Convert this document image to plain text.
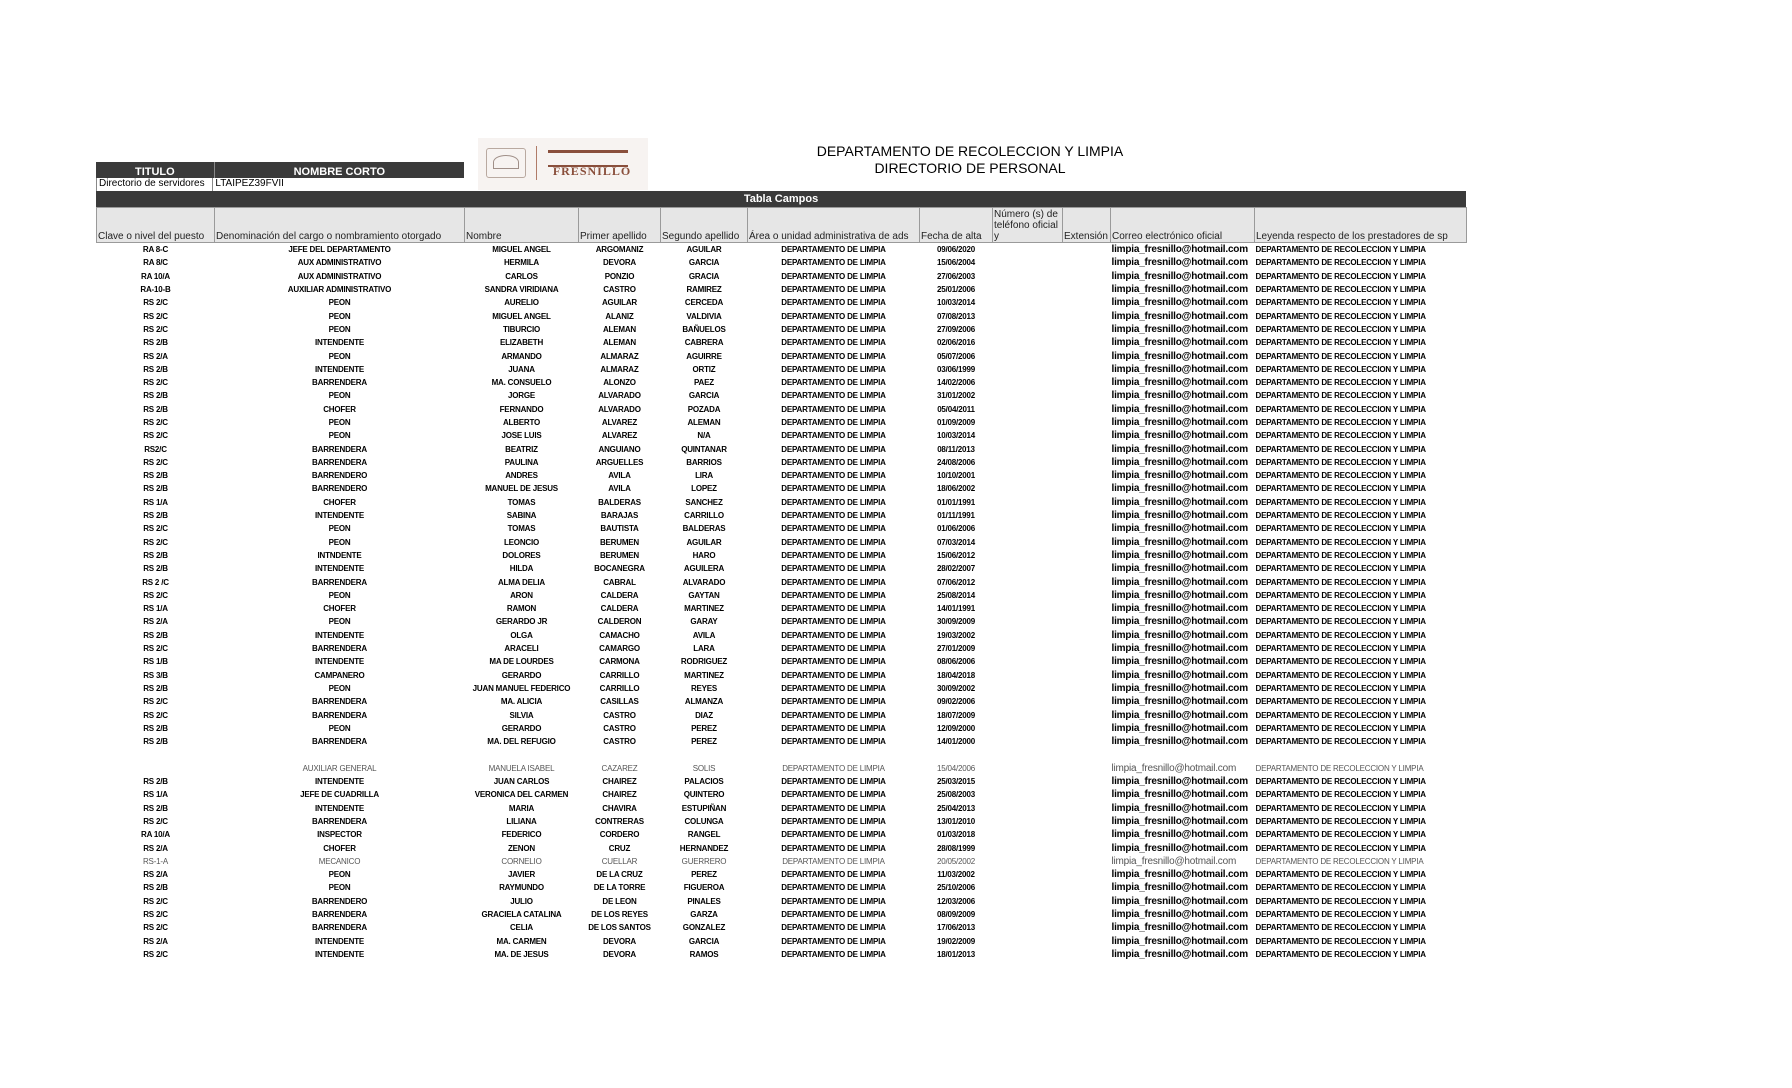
TITULO	NOMBRE CORTO
Directorio de servidores	LTAIPEZ39FVII
FRESNILLO
DEPARTAMENTO DE RECOLECCION Y LIMPIA
DIRECTORIO DE PERSONAL
Tabla Campos
Clave o nivel del puesto	Denominación del cargo o nombramiento otorgado	Nombre	Primer apellido	Segundo apellido	Área o unidad administrativa de ads	Fecha de alta	Número (s) de teléfono oficial y	Extensión	Correo electrónico oficial	Leyenda respecto de los prestadores de sp
RA 8-C	JEFE DEL DEPARTAMENTO	MIGUEL ANGEL	ARGOMANIZ	AGUILAR	DEPARTAMENTO DE LIMPIA	09/06/2020			limpia_fresnillo@hotmail.com	DEPARTAMENTO DE RECOLECCION Y LIMPIA
RA 8/C	AUX ADMINISTRATIVO	HERMILA	DEVORA	GARCIA	DEPARTAMENTO DE LIMPIA	15/06/2004			limpia_fresnillo@hotmail.com	DEPARTAMENTO DE RECOLECCION Y LIMPIA
RA 10/A	AUX ADMINISTRATIVO	CARLOS	PONZIO	GRACIA	DEPARTAMENTO DE LIMPIA	27/06/2003			limpia_fresnillo@hotmail.com	DEPARTAMENTO DE RECOLECCION Y LIMPIA
RA-10-B	AUXILIAR ADMINISTRATIVO	SANDRA VIRIDIANA	CASTRO	RAMIREZ	DEPARTAMENTO DE LIMPIA	25/01/2006			limpia_fresnillo@hotmail.com	DEPARTAMENTO DE RECOLECCION Y LIMPIA
RS 2/C	PEON	AURELIO	AGUILAR	CERCEDA	DEPARTAMENTO DE LIMPIA	10/03/2014			limpia_fresnillo@hotmail.com	DEPARTAMENTO DE RECOLECCION Y LIMPIA
RS 2/C	PEON	MIGUEL ANGEL	ALANIZ	VALDIVIA	DEPARTAMENTO DE LIMPIA	07/08/2013			limpia_fresnillo@hotmail.com	DEPARTAMENTO DE RECOLECCION Y LIMPIA
RS 2/C	PEON	TIBURCIO	ALEMAN	BAÑUELOS	DEPARTAMENTO DE LIMPIA	27/09/2006			limpia_fresnillo@hotmail.com	DEPARTAMENTO DE RECOLECCION Y LIMPIA
RS 2/B	INTENDENTE	ELIZABETH	ALEMAN	CABRERA	DEPARTAMENTO DE LIMPIA	02/06/2016			limpia_fresnillo@hotmail.com	DEPARTAMENTO DE RECOLECCION Y LIMPIA
RS 2/A	PEON	ARMANDO	ALMARAZ	AGUIRRE	DEPARTAMENTO DE LIMPIA	05/07/2006			limpia_fresnillo@hotmail.com	DEPARTAMENTO DE RECOLECCION Y LIMPIA
RS 2/B	INTENDENTE	JUANA	ALMARAZ	ORTIZ	DEPARTAMENTO DE LIMPIA	03/06/1999			limpia_fresnillo@hotmail.com	DEPARTAMENTO DE RECOLECCION Y LIMPIA
RS 2/C	BARRENDERA	MA. CONSUELO	ALONZO	PAEZ	DEPARTAMENTO DE LIMPIA	14/02/2006			limpia_fresnillo@hotmail.com	DEPARTAMENTO DE RECOLECCION Y LIMPIA
RS 2/B	PEON	JORGE	ALVARADO	GARCIA	DEPARTAMENTO DE LIMPIA	31/01/2002			limpia_fresnillo@hotmail.com	DEPARTAMENTO DE RECOLECCION Y LIMPIA
RS 2/B	CHOFER	FERNANDO	ALVARADO	POZADA	DEPARTAMENTO DE LIMPIA	05/04/2011			limpia_fresnillo@hotmail.com	DEPARTAMENTO DE RECOLECCION Y LIMPIA
RS 2/C	PEON	ALBERTO	ALVAREZ	ALEMAN	DEPARTAMENTO DE LIMPIA	01/09/2009			limpia_fresnillo@hotmail.com	DEPARTAMENTO DE RECOLECCION Y LIMPIA
RS 2/C	PEON	JOSE LUIS	ALVAREZ	N/A	DEPARTAMENTO DE LIMPIA	10/03/2014			limpia_fresnillo@hotmail.com	DEPARTAMENTO DE RECOLECCION Y LIMPIA
RS2/C	BARRENDERA	BEATRIZ	ANGUIANO	QUINTANAR	DEPARTAMENTO DE LIMPIA	08/11/2013			limpia_fresnillo@hotmail.com	DEPARTAMENTO DE RECOLECCION Y LIMPIA
RS 2/C	BARRENDERA	PAULINA	ARGUELLES	BARRIOS	DEPARTAMENTO DE LIMPIA	24/08/2006			limpia_fresnillo@hotmail.com	DEPARTAMENTO DE RECOLECCION Y LIMPIA
RS 2/B	BARRENDERO	ANDRES	AVILA	LIRA	DEPARTAMENTO DE LIMPIA	10/10/2001			limpia_fresnillo@hotmail.com	DEPARTAMENTO DE RECOLECCION Y LIMPIA
RS 2/B	BARRENDERO	MANUEL DE JESUS	AVILA	LOPEZ	DEPARTAMENTO DE LIMPIA	18/06/2002			limpia_fresnillo@hotmail.com	DEPARTAMENTO DE RECOLECCION Y LIMPIA
RS 1/A	CHOFER	TOMAS	BALDERAS	SANCHEZ	DEPARTAMENTO DE LIMPIA	01/01/1991			limpia_fresnillo@hotmail.com	DEPARTAMENTO DE RECOLECCION Y LIMPIA
RS 2/B	INTENDENTE	SABINA	BARAJAS	CARRILLO	DEPARTAMENTO DE LIMPIA	01/11/1991			limpia_fresnillo@hotmail.com	DEPARTAMENTO DE RECOLECCION Y LIMPIA
RS 2/C	PEON	TOMAS	BAUTISTA	BALDERAS	DEPARTAMENTO DE LIMPIA	01/06/2006			limpia_fresnillo@hotmail.com	DEPARTAMENTO DE RECOLECCION Y LIMPIA
RS 2/C	PEON	LEONCIO	BERUMEN	AGUILAR	DEPARTAMENTO DE LIMPIA	07/03/2014			limpia_fresnillo@hotmail.com	DEPARTAMENTO DE RECOLECCION Y LIMPIA
RS 2/B	INTNDENTE	DOLORES	BERUMEN	HARO	DEPARTAMENTO DE LIMPIA	15/06/2012			limpia_fresnillo@hotmail.com	DEPARTAMENTO DE RECOLECCION Y LIMPIA
RS 2/B	INTENDENTE	HILDA	BOCANEGRA	AGUILERA	DEPARTAMENTO DE LIMPIA	28/02/2007			limpia_fresnillo@hotmail.com	DEPARTAMENTO DE RECOLECCION Y LIMPIA
RS 2 /C	BARRENDERA	ALMA DELIA	CABRAL	ALVARADO	DEPARTAMENTO DE LIMPIA	07/06/2012			limpia_fresnillo@hotmail.com	DEPARTAMENTO DE RECOLECCION Y LIMPIA
RS 2/C	PEON	ARON	CALDERA	GAYTAN	DEPARTAMENTO DE LIMPIA	25/08/2014			limpia_fresnillo@hotmail.com	DEPARTAMENTO DE RECOLECCION Y LIMPIA
RS 1/A	CHOFER	RAMON	CALDERA	MARTINEZ	DEPARTAMENTO DE LIMPIA	14/01/1991			limpia_fresnillo@hotmail.com	DEPARTAMENTO DE RECOLECCION Y LIMPIA
RS 2/A	PEON	GERARDO JR	CALDERON	GARAY	DEPARTAMENTO DE LIMPIA	30/09/2009			limpia_fresnillo@hotmail.com	DEPARTAMENTO DE RECOLECCION Y LIMPIA
RS 2/B	INTENDENTE	OLGA	CAMACHO	AVILA	DEPARTAMENTO DE LIMPIA	19/03/2002			limpia_fresnillo@hotmail.com	DEPARTAMENTO DE RECOLECCION Y LIMPIA
RS 2/C	BARRENDERA	ARACELI	CAMARGO	LARA	DEPARTAMENTO DE LIMPIA	27/01/2009			limpia_fresnillo@hotmail.com	DEPARTAMENTO DE RECOLECCION Y LIMPIA
RS 1/B	INTENDENTE	MA DE LOURDES	CARMONA	RODRIGUEZ	DEPARTAMENTO DE LIMPIA	08/06/2006			limpia_fresnillo@hotmail.com	DEPARTAMENTO DE RECOLECCION Y LIMPIA
RS 3/B	CAMPANERO	GERARDO	CARRILLO	MARTINEZ	DEPARTAMENTO DE LIMPIA	18/04/2018			limpia_fresnillo@hotmail.com	DEPARTAMENTO DE RECOLECCION Y LIMPIA
RS 2/B	PEON	JUAN MANUEL FEDERICO	CARRILLO	REYES	DEPARTAMENTO DE LIMPIA	30/09/2002			limpia_fresnillo@hotmail.com	DEPARTAMENTO DE RECOLECCION Y LIMPIA
RS 2/C	BARRENDERA	MA. ALICIA	CASILLAS	ALMANZA	DEPARTAMENTO DE LIMPIA	09/02/2006			limpia_fresnillo@hotmail.com	DEPARTAMENTO DE RECOLECCION Y LIMPIA
RS 2/C	BARRENDERA	SILVIA	CASTRO	DIAZ	DEPARTAMENTO DE LIMPIA	18/07/2009			limpia_fresnillo@hotmail.com	DEPARTAMENTO DE RECOLECCION Y LIMPIA
RS 2/B	PEON	GERARDO	CASTRO	PEREZ	DEPARTAMENTO DE LIMPIA	12/09/2000			limpia_fresnillo@hotmail.com	DEPARTAMENTO DE RECOLECCION Y LIMPIA
RS 2/B	BARRENDERA	MA. DEL REFUGIO	CASTRO	PEREZ	DEPARTAMENTO DE LIMPIA	14/01/2000			limpia_fresnillo@hotmail.com	DEPARTAMENTO DE RECOLECCION Y LIMPIA

	AUXILIAR GENERAL	MANUELA ISABEL	CAZAREZ	SOLIS	DEPARTAMENTO DE LIMPIA	15/04/2006			limpia_fresnillo@hotmail.com	DEPARTAMENTO DE RECOLECCION Y LIMPIA
RS 2/B	INTENDENTE	JUAN CARLOS	CHAIREZ	PALACIOS	DEPARTAMENTO DE LIMPIA	25/03/2015			limpia_fresnillo@hotmail.com	DEPARTAMENTO DE RECOLECCION Y LIMPIA
RS 1/A	JEFE DE CUADRILLA	VERONICA DEL CARMEN	CHAIREZ	QUINTERO	DEPARTAMENTO DE LIMPIA	25/08/2003			limpia_fresnillo@hotmail.com	DEPARTAMENTO DE RECOLECCION Y LIMPIA
RS 2/B	INTENDENTE	MARIA	CHAVIRA	ESTUPIÑAN	DEPARTAMENTO DE LIMPIA	25/04/2013			limpia_fresnillo@hotmail.com	DEPARTAMENTO DE RECOLECCION Y LIMPIA
RS 2/C	BARRENDERA	LILIANA	CONTRERAS	COLUNGA	DEPARTAMENTO DE LIMPIA	13/01/2010			limpia_fresnillo@hotmail.com	DEPARTAMENTO DE RECOLECCION Y LIMPIA
RA 10/A	INSPECTOR	FEDERICO	CORDERO	RANGEL	DEPARTAMENTO DE LIMPIA	01/03/2018			limpia_fresnillo@hotmail.com	DEPARTAMENTO DE RECOLECCION Y LIMPIA
RS 2/A	CHOFER	ZENON	CRUZ	HERNANDEZ	DEPARTAMENTO DE LIMPIA	28/08/1999			limpia_fresnillo@hotmail.com	DEPARTAMENTO DE RECOLECCION Y LIMPIA
RS-1-A	MECANICO	CORNELIO	CUELLAR	GUERRERO	DEPARTAMENTO DE LIMPIA	20/05/2002			limpia_fresnillo@hotmail.com	DEPARTAMENTO DE RECOLECCION Y LIMPIA
RS 2/A	PEON	JAVIER	DE LA CRUZ	PEREZ	DEPARTAMENTO DE LIMPIA	11/03/2002			limpia_fresnillo@hotmail.com	DEPARTAMENTO DE RECOLECCION Y LIMPIA
RS 2/B	PEON	RAYMUNDO	DE LA TORRE	FIGUEROA	DEPARTAMENTO DE LIMPIA	25/10/2006			limpia_fresnillo@hotmail.com	DEPARTAMENTO DE RECOLECCION Y LIMPIA
RS 2/C	BARRENDERO	JULIO	DE LEON	PINALES	DEPARTAMENTO DE LIMPIA	12/03/2006			limpia_fresnillo@hotmail.com	DEPARTAMENTO DE RECOLECCION Y LIMPIA
RS 2/C	BARRENDERA	GRACIELA CATALINA	DE LOS REYES	GARZA	DEPARTAMENTO DE LIMPIA	08/09/2009			limpia_fresnillo@hotmail.com	DEPARTAMENTO DE RECOLECCION Y LIMPIA
RS 2/C	BARRENDERA	CELIA	DE LOS SANTOS	GONZALEZ	DEPARTAMENTO DE LIMPIA	17/06/2013			limpia_fresnillo@hotmail.com	DEPARTAMENTO DE RECOLECCION Y LIMPIA
RS 2/A	INTENDENTE	MA. CARMEN	DEVORA	GARCIA	DEPARTAMENTO DE LIMPIA	19/02/2009			limpia_fresnillo@hotmail.com	DEPARTAMENTO DE RECOLECCION Y LIMPIA
RS 2/C	INTENDENTE	MA. DE JESUS	DEVORA	RAMOS	DEPARTAMENTO DE LIMPIA	18/01/2013			limpia_fresnillo@hotmail.com	DEPARTAMENTO DE RECOLECCION Y LIMPIA
